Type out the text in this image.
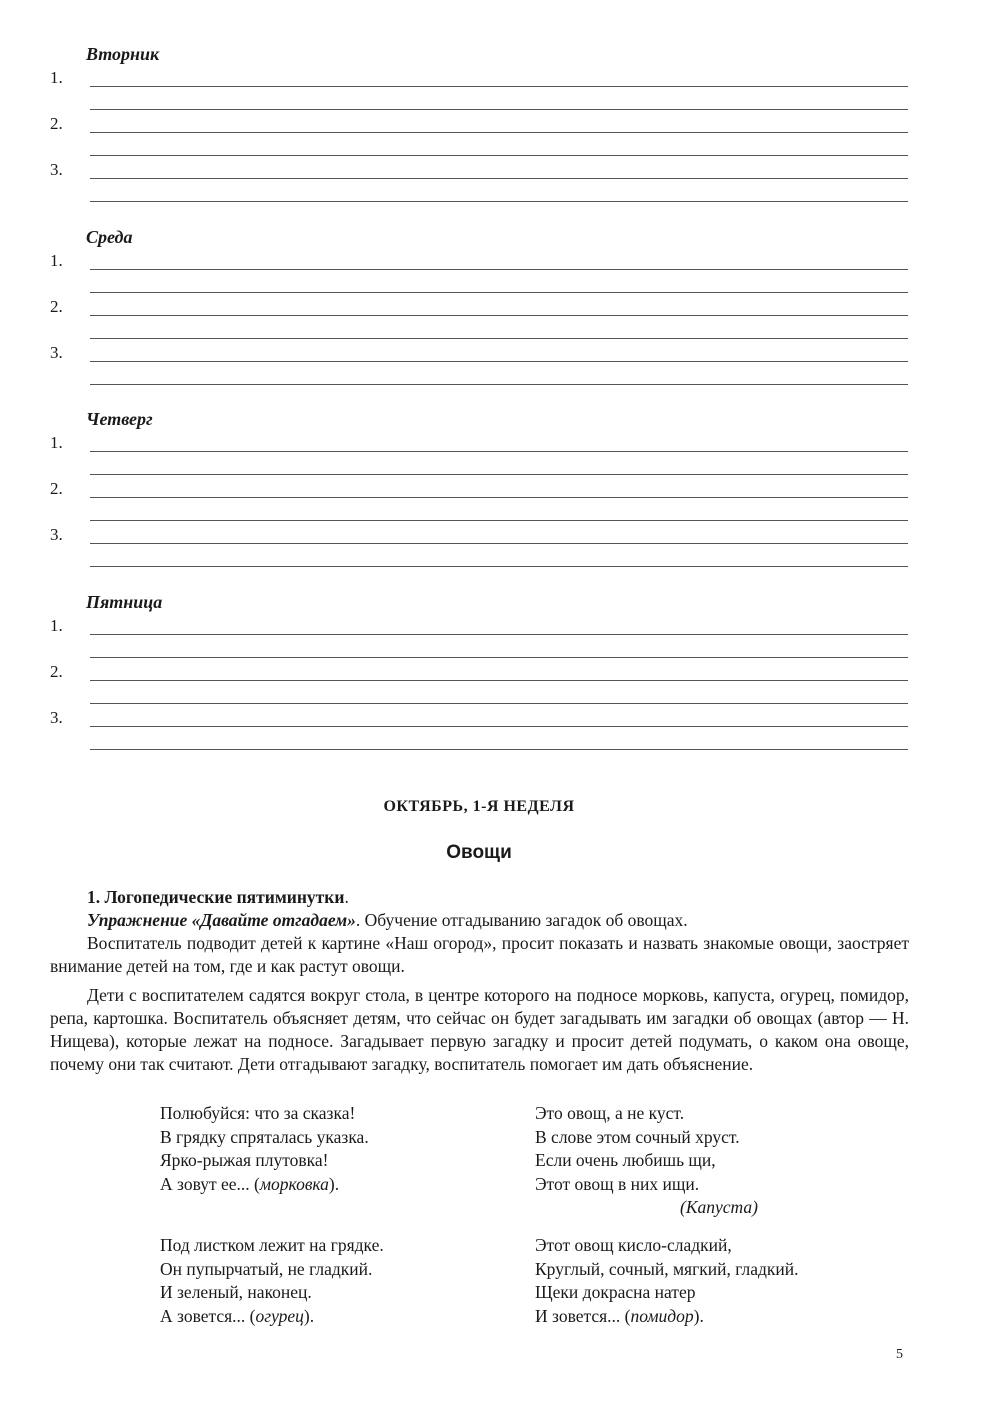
Вторник
1.
2.
3.
Среда
1.
2.
3.
Четверг
1.
2.
3.
Пятница
1.
2.
3.
ОКТЯБРЬ, 1-Я НЕДЕЛЯ
Овощи
1. Логопедические пятиминутки.
Упражнение «Давайте отгадаем». Обучение отгадыванию загадок об овощах.
Воспитатель подводит детей к картине «Наш огород», просит показать и назвать знакомые овощи, заостряет внимание детей на том, где и как растут овощи.
Дети с воспитателем садятся вокруг стола, в центре которого на подносе морковь, капуста, огурец, помидор, репа, картошка. Воспитатель объясняет детям, что сейчас он будет загадывать им загадки об овощах (автор — Н. Нищева), которые лежат на подносе. Загадывает первую загадку и просит детей подумать, о каком она овоще, почему они так считают. Дети отгадывают загадку, воспитатель помогает им дать объяснение.
Полюбуйся: что за сказка!
В грядку спряталась указка.
Ярко-рыжая плутовка!
А зовут ее... (морковка).
Это овощ, а не куст.
В слове этом сочный хруст.
Если очень любишь щи,
Этот овощ в них ищи.
(Капуста)
Под листком лежит на грядке.
Он пупырчатый, не гладкий.
И зеленый, наконец.
А зовется... (огурец).
Этот овощ кисло-сладкий,
Круглый, сочный, мягкий, гладкий.
Щеки докрасна натер
И зовется... (помидор).
5
